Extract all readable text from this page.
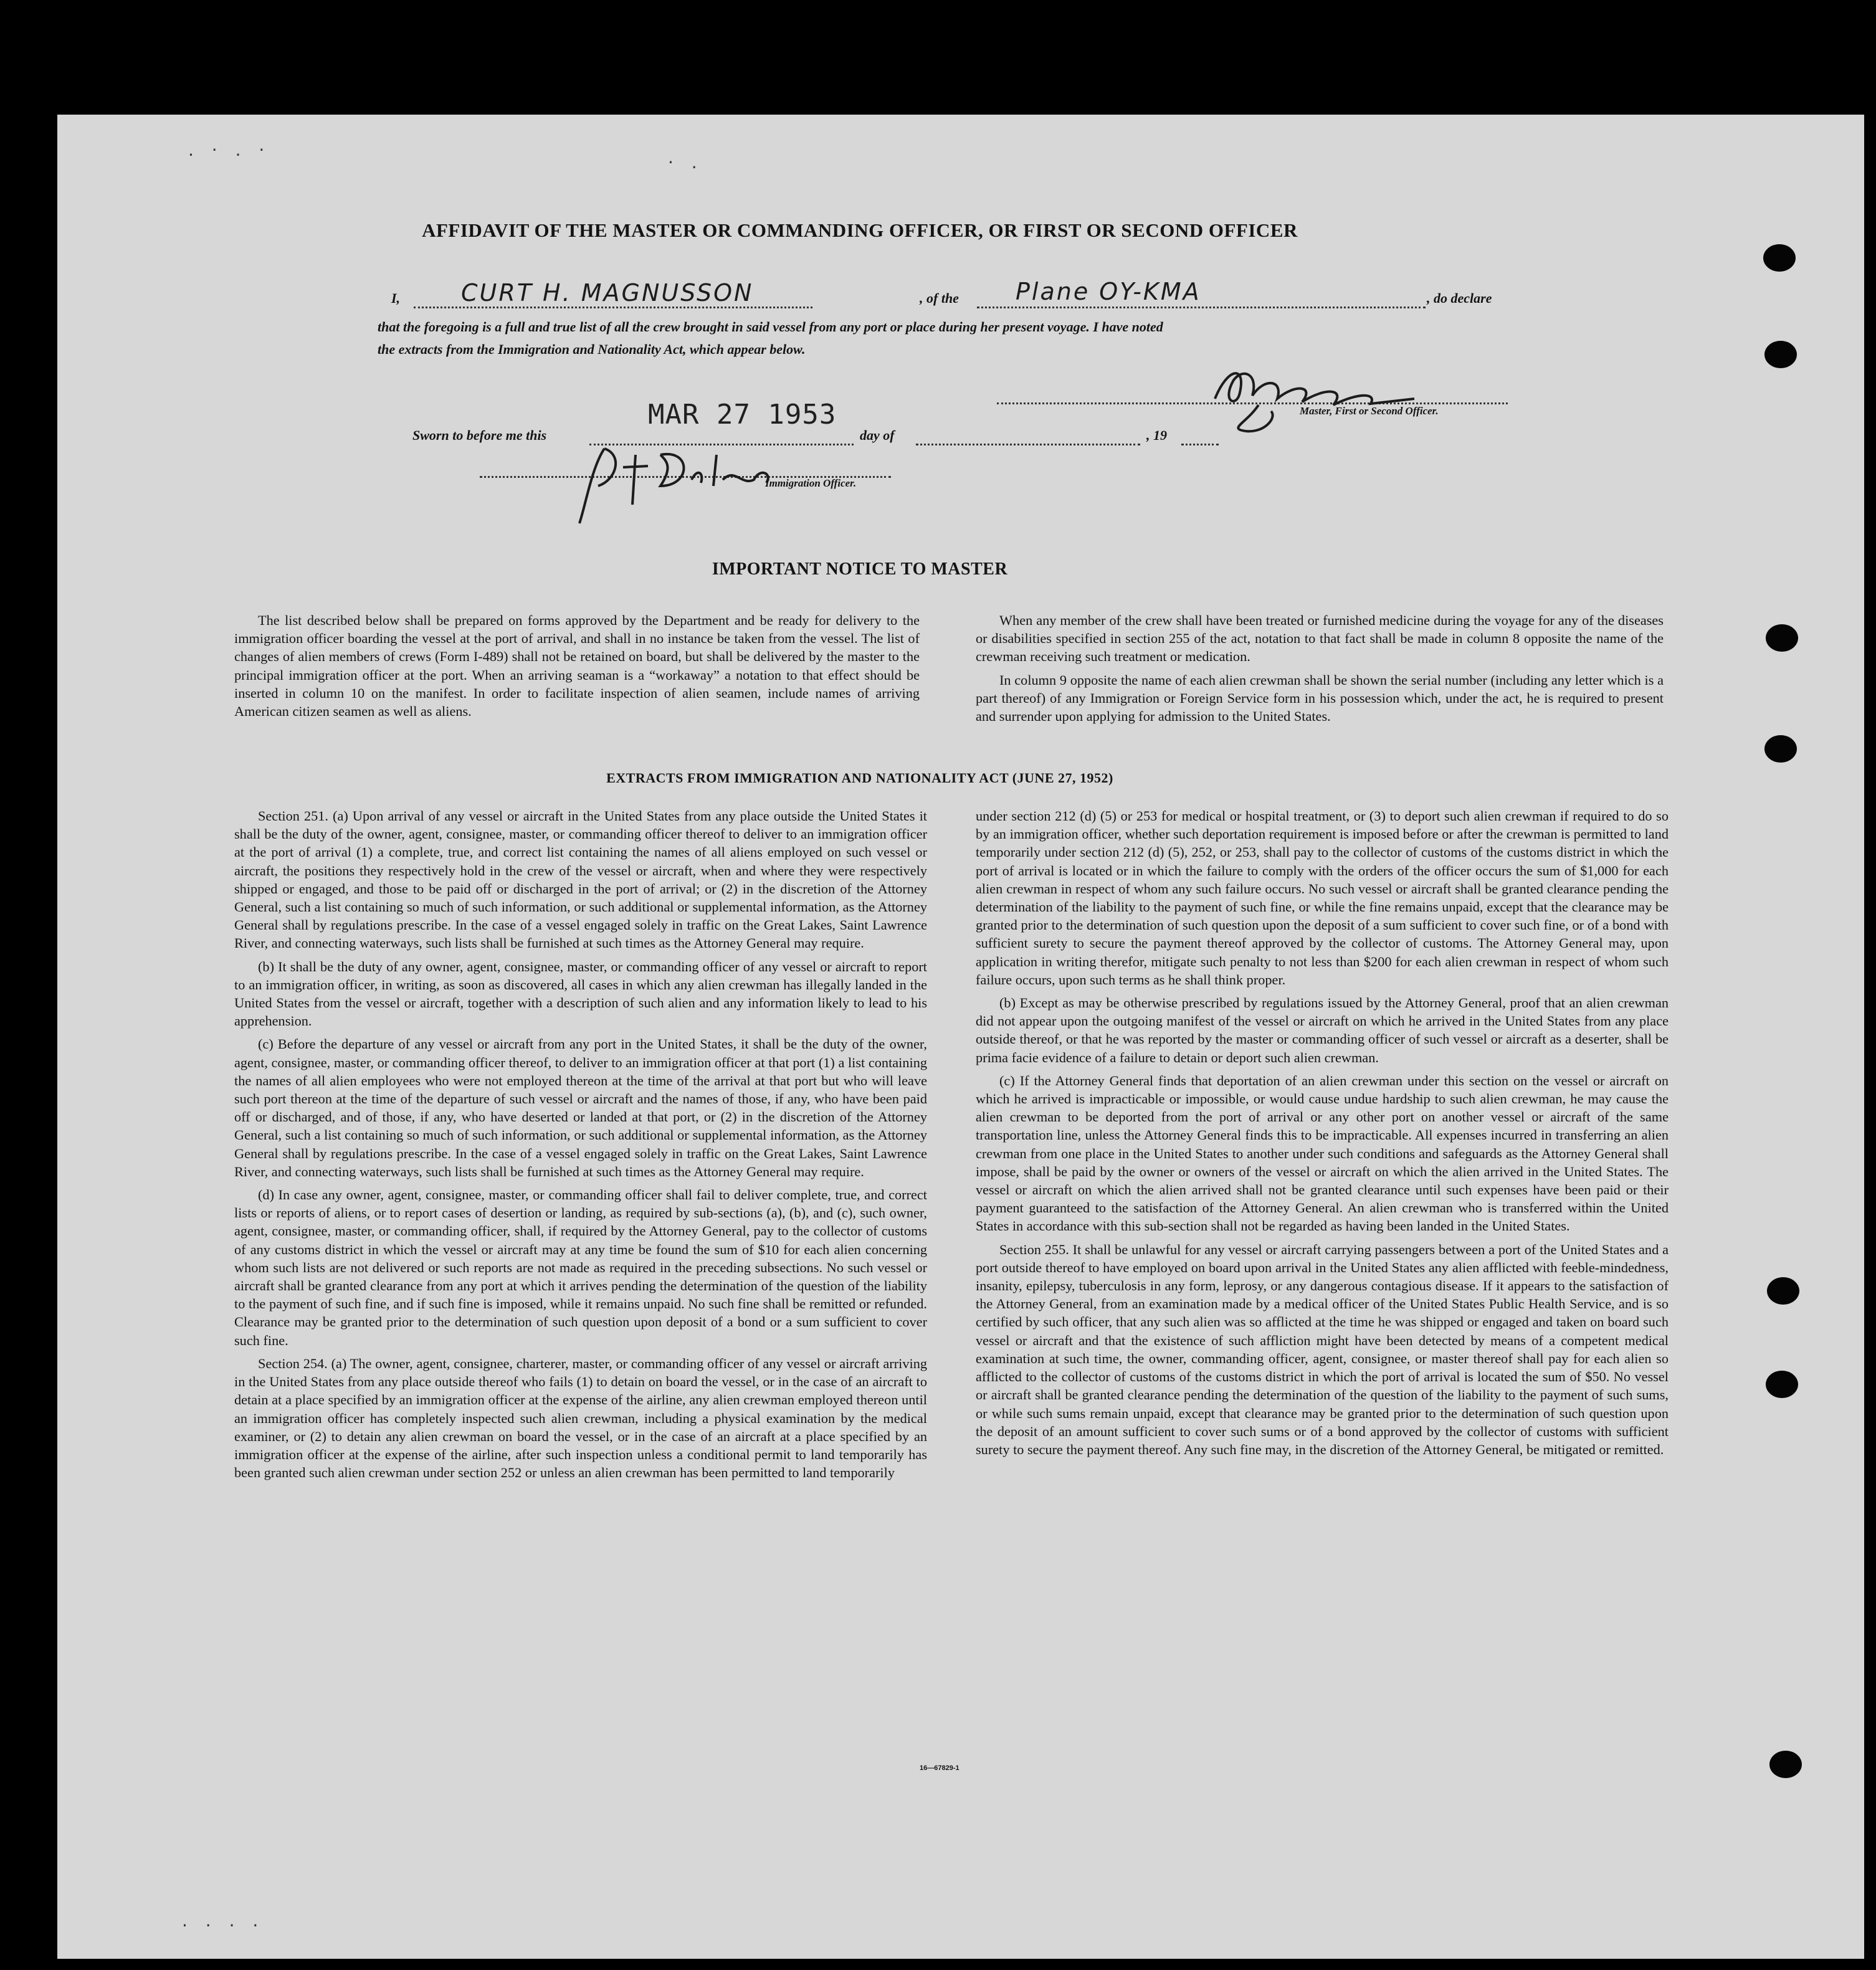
. · . ·
· .
· · · ·
AFFIDAVIT OF THE MASTER OR COMMANDING OFFICER, OR FIRST OR SECOND OFFICER
I,	CURT H. MAGNUSSON	, of the Plane OY-KMA	, do declare
that the foregoing is a full and true list of all the crew brought in said vessel from any port or place during her present voyage. I have noted
the extracts from the Immigration and Nationality Act, which appear below.
Master, First or Second Officer.
MAR 27 1953
Sworn to before me this	day of	, 19
Immigration Officer.
IMPORTANT NOTICE TO MASTER

The list described below shall be prepared on forms approved by the Department and be ready for delivery to the immigration officer boarding the vessel at the port of arrival, and shall in no instance be taken from the vessel. The list of changes of alien members of crews (Form I-489) shall not be retained on board, but shall be delivered by the master to the principal immigration officer at the port. When an arriving seaman is a “workaway” a notation to that effect should be inserted in column 10 on the manifest. In order to facilitate inspection of alien seamen, include names of arriving American citizen seamen as well as aliens.

When any member of the crew shall have been treated or furnished medicine during the voyage for any of the diseases or disabilities specified in section 255 of the act, notation to that fact shall be made in column 8 opposite the name of the crewman receiving such treatment or medication.

In column 9 opposite the name of each alien crewman shall be shown the serial number (including any letter which is a part thereof) of any Immigration or Foreign Service form in his possession which, under the act, he is required to present and surrender upon applying for admission to the United States.

EXTRACTS FROM IMMIGRATION AND NATIONALITY ACT (JUNE 27, 1952)

Section 251. (a) Upon arrival of any vessel or aircraft in the United States from any place outside the United States it shall be the duty of the owner, agent, consignee, master, or commanding officer thereof to deliver to an immigration officer at the port of arrival (1) a complete, true, and correct list containing the names of all aliens employed on such vessel or aircraft, the positions they respectively hold in the crew of the vessel or aircraft, when and where they were respectively shipped or engaged, and those to be paid off or discharged in the port of arrival; or (2) in the discretion of the Attorney General, such a list containing so much of such information, or such additional or supplemental information, as the Attorney General shall by regulations prescribe. In the case of a vessel engaged solely in traffic on the Great Lakes, Saint Lawrence River, and connecting waterways, such lists shall be furnished at such times as the Attorney General may require.

(b) It shall be the duty of any owner, agent, consignee, master, or commanding officer of any vessel or aircraft to report to an immigration officer, in writing, as soon as discovered, all cases in which any alien crewman has illegally landed in the United States from the vessel or aircraft, together with a description of such alien and any information likely to lead to his apprehension.

(c) Before the departure of any vessel or aircraft from any port in the United States, it shall be the duty of the owner, agent, consignee, master, or commanding officer thereof, to deliver to an immigration officer at that port (1) a list containing the names of all alien employees who were not employed thereon at the time of the arrival at that port but who will leave such port thereon at the time of the departure of such vessel or aircraft and the names of those, if any, who have been paid off or discharged, and of those, if any, who have deserted or landed at that port, or (2) in the discretion of the Attorney General, such a list containing so much of such information, or such additional or supplemental information, as the Attorney General shall by regulations prescribe. In the case of a vessel engaged solely in traffic on the Great Lakes, Saint Lawrence River, and connecting waterways, such lists shall be furnished at such times as the Attorney General may require.

(d) In case any owner, agent, consignee, master, or commanding officer shall fail to deliver complete, true, and correct lists or reports of aliens, or to report cases of desertion or landing, as required by sub-sections (a), (b), and (c), such owner, agent, consignee, master, or commanding officer, shall, if required by the Attorney General, pay to the collector of customs of any customs district in which the vessel or aircraft may at any time be found the sum of $10 for each alien concerning whom such lists are not delivered or such reports are not made as required in the preceding subsections. No such vessel or aircraft shall be granted clearance from any port at which it arrives pending the determination of the question of the liability to the payment of such fine, and if such fine is imposed, while it remains unpaid. No such fine shall be remitted or refunded. Clearance may be granted prior to the determination of such question upon deposit of a bond or a sum sufficient to cover such fine.

Section 254. (a) The owner, agent, consignee, charterer, master, or commanding officer of any vessel or aircraft arriving in the United States from any place outside thereof who fails (1) to detain on board the vessel, or in the case of an aircraft to detain at a place specified by an immigration officer at the expense of the airline, any alien crewman employed thereon until an immigration officer has completely inspected such alien crewman, including a physical examination by the medical examiner, or (2) to detain any alien crewman on board the vessel, or in the case of an aircraft at a place specified by an immigration officer at the expense of the airline, after such inspection unless a conditional permit to land temporarily has been granted such alien crewman under section 252 or unless an alien crewman has been permitted to land temporarily

under section 212 (d) (5) or 253 for medical or hospital treatment, or (3) to deport such alien crewman if required to do so by an immigration officer, whether such deportation requirement is imposed before or after the crewman is permitted to land temporarily under section 212 (d) (5), 252, or 253, shall pay to the collector of customs of the customs district in which the port of arrival is located or in which the failure to comply with the orders of the officer occurs the sum of $1,000 for each alien crewman in respect of whom any such failure occurs. No such vessel or aircraft shall be granted clearance pending the determination of the liability to the payment of such fine, or while the fine remains unpaid, except that the clearance may be granted prior to the determination of such question upon the deposit of a sum sufficient to cover such fine, or of a bond with sufficient surety to secure the payment thereof approved by the collector of customs. The Attorney General may, upon application in writing therefor, mitigate such penalty to not less than $200 for each alien crewman in respect of whom such failure occurs, upon such terms as he shall think proper.

(b) Except as may be otherwise prescribed by regulations issued by the Attorney General, proof that an alien crewman did not appear upon the outgoing manifest of the vessel or aircraft on which he arrived in the United States from any place outside thereof, or that he was reported by the master or commanding officer of such vessel or aircraft as a deserter, shall be prima facie evidence of a failure to detain or deport such alien crewman.

(c) If the Attorney General finds that deportation of an alien crewman under this section on the vessel or aircraft on which he arrived is impracticable or impossible, or would cause undue hardship to such alien crewman, he may cause the alien crewman to be deported from the port of arrival or any other port on another vessel or aircraft of the same transportation line, unless the Attorney General finds this to be impracticable. All expenses incurred in transferring an alien crewman from one place in the United States to another under such conditions and safeguards as the Attorney General shall impose, shall be paid by the owner or owners of the vessel or aircraft on which the alien arrived in the United States. The vessel or aircraft on which the alien arrived shall not be granted clearance until such expenses have been paid or their payment guaranteed to the satisfaction of the Attorney General. An alien crewman who is transferred within the United States in accordance with this sub-section shall not be regarded as having been landed in the United States.

Section 255. It shall be unlawful for any vessel or aircraft carrying passengers between a port of the United States and a port outside thereof to have employed on board upon arrival in the United States any alien afflicted with feeble-mindedness, insanity, epilepsy, tuberculosis in any form, leprosy, or any dangerous contagious disease. If it appears to the satisfaction of the Attorney General, from an examination made by a medical officer of the United States Public Health Service, and is so certified by such officer, that any such alien was so afflicted at the time he was shipped or engaged and taken on board such vessel or aircraft and that the existence of such affliction might have been detected by means of a competent medical examination at such time, the owner, commanding officer, agent, consignee, or master thereof shall pay for each alien so afflicted to the collector of customs of the customs district in which the port of arrival is located the sum of $50. No vessel or aircraft shall be granted clearance pending the determination of the question of the liability to the payment of such sums, or while such sums remain unpaid, except that clearance may be granted prior to the determination of such question upon the deposit of an amount sufficient to cover such sums or of a bond approved by the collector of customs with sufficient surety to secure the payment thereof. Any such fine may, in the discretion of the Attorney General, be mitigated or remitted.

16—67829-1
